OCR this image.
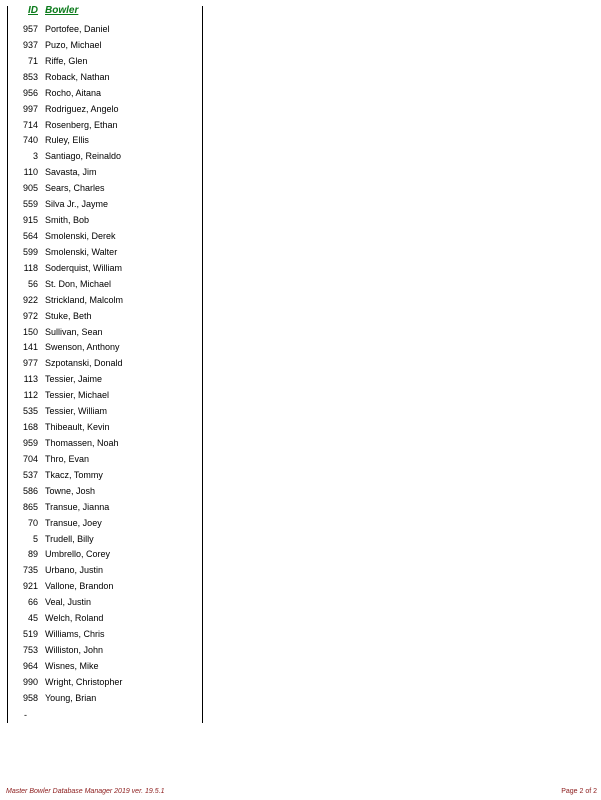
ID Bowler
957 Portofee, Daniel
937 Puzo, Michael
71 Riffe, Glen
853 Roback, Nathan
956 Rocho, Aitana
997 Rodriguez, Angelo
714 Rosenberg, Ethan
740 Ruley, Ellis
3 Santiago, Reinaldo
110 Savasta, Jim
905 Sears, Charles
559 Silva Jr., Jayme
915 Smith, Bob
564 Smolenski, Derek
599 Smolenski, Walter
118 Soderquist, William
56 St. Don, Michael
922 Strickland, Malcolm
972 Stuke, Beth
150 Sullivan, Sean
141 Swenson, Anthony
977 Szpotanski, Donald
113 Tessier, Jaime
112 Tessier, Michael
535 Tessier, William
168 Thibeault, Kevin
959 Thomassen, Noah
704 Thro, Evan
537 Tkacz, Tommy
586 Towne, Josh
865 Transue, Jianna
70 Transue, Joey
5 Trudell, Billy
89 Umbrello, Corey
735 Urbano, Justin
921 Vallone, Brandon
66 Veal, Justin
45 Welch, Roland
519 Williams, Chris
753 Williston, John
964 Wisnes, Mike
990 Wright, Christopher
958 Young, Brian
-
Master Bowler Database Manager 2019 ver. 19.5.1	Page 2 of 2
